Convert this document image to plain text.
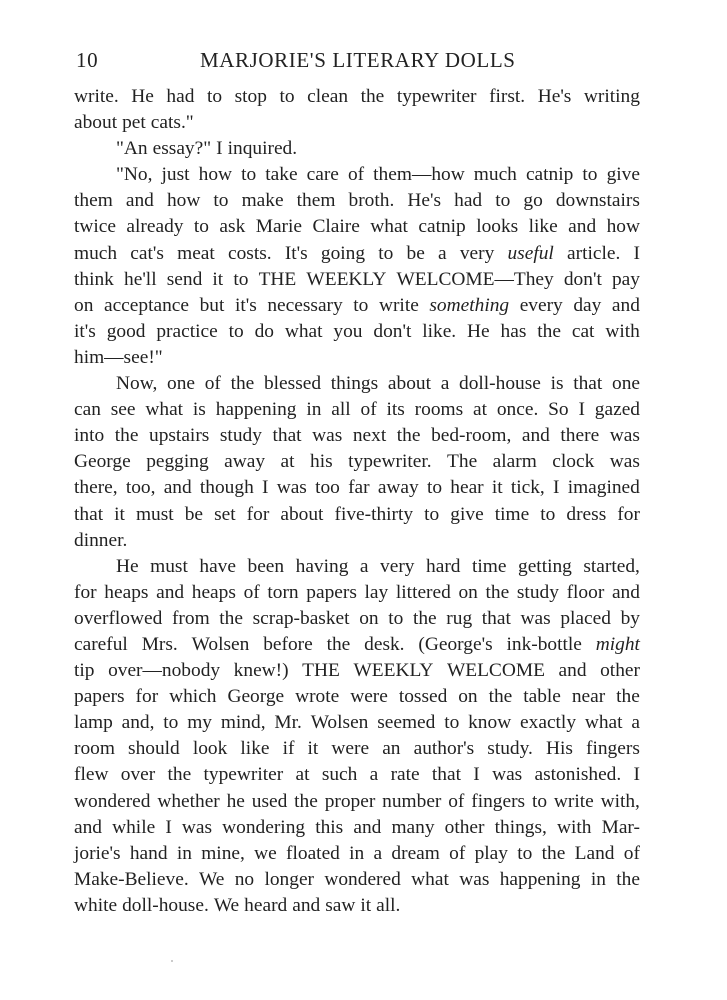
10	MARJORIE'S LITERARY DOLLS
write. He had to stop to clean the typewriter first. He's writing
about pet cats."
"An essay?" I inquired.
"No, just how to take care of them—how much catnip to give
them and how to make them broth. He's had to go downstairs
twice already to ask Marie Claire what catnip looks like and how
much cat's meat costs. It's going to be a very useful article. I
think he'll send it to THE WEEKLY WELCOME—They don't pay
on acceptance but it's necessary to write something every day and
it's good practice to do what you don't like. He has the cat with
him—see!"
Now, one of the blessed things about a doll-house is that one
can see what is happening in all of its rooms at once. So I gazed
into the upstairs study that was next the bed-room, and there was
George pegging away at his typewriter. The alarm clock was
there, too, and though I was too far away to hear it tick, I imagined
that it must be set for about five-thirty to give time to dress for
dinner.
He must have been having a very hard time getting started,
for heaps and heaps of torn papers lay littered on the study floor and
overflowed from the scrap-basket on to the rug that was placed by
careful Mrs. Wolsen before the desk. (George's ink-bottle might
tip over—nobody knew!) THE WEEKLY WELCOME and other
papers for which George wrote were tossed on the table near the
lamp and, to my mind, Mr. Wolsen seemed to know exactly what a
room should look like if it were an author's study. His fingers
flew over the typewriter at such a rate that I was astonished. I
wondered whether he used the proper number of fingers to write with,
and while I was wondering this and many other things, with Mar-
jorie's hand in mine, we floated in a dream of play to the Land of
Make-Believe. We no longer wondered what was happening in the
white doll-house. We heard and saw it all.
